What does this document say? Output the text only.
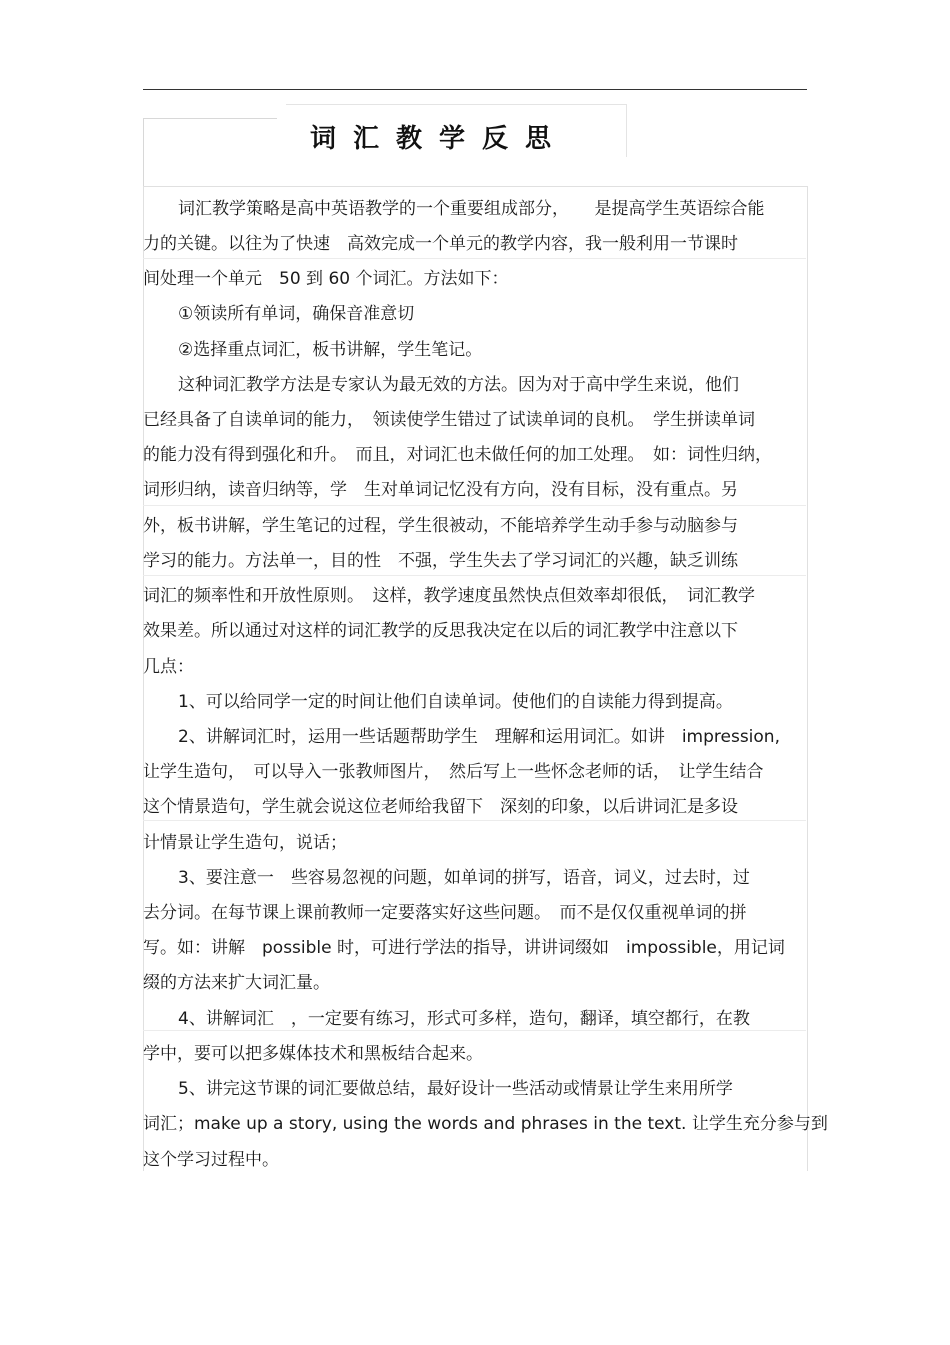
词汇教学反思
词汇教学策略是高中英语教学的一个重要组成部分，　　是提高学生英语综合能
力的关键。以往为了快速　高效完成一个单元的教学内容，我一般利用一节课时
间处理一个单元　50 到 60 个词汇。方法如下：
①领读所有单词，确保音准意切
②选择重点词汇，板书讲解，学生笔记。
这种词汇教学方法是专家认为最无效的方法。因为对于高中学生来说，他们
已经具备了自读单词的能力，　领读使学生错过了试读单词的良机。　学生拼读单词
的能力没有得到强化和升。　而且，对词汇也未做任何的加工处理。　如：词性归纳，
词形归纳，读音归纳等，学　生对单词记忆没有方向，没有目标，没有重点。另
外，板书讲解，学生笔记的过程，学生很被动，不能培养学生动手参与动脑参与
学习的能力。方法单一，目的性　不强，学生失去了学习词汇的兴趣，缺乏训练
词汇的频率性和开放性原则。　这样，教学速度虽然快点但效率却很低，　词汇教学
效果差。所以通过对这样的词汇教学的反思我决定在以后的词汇教学中注意以下
几点：
1、可以给同学一定的时间让他们自读单词。使他们的自读能力得到提高。
2、讲解词汇时，运用一些话题帮助学生　理解和运用词汇。如讲　impression,
让学生造句，　可以导入一张教师图片，　然后写上一些怀念老师的话，　让学生结合
这个情景造句，学生就会说这位老师给我留下　深刻的印象，以后讲词汇是多设
计情景让学生造句，说话；
3、要注意一　些容易忽视的问题，如单词的拼写，语音，词义，过去时，过
去分词。在每节课上课前教师一定要落实好这些问题。　而不是仅仅重视单词的拼
写。如：讲解　possible 时，可进行学法的指导，讲讲词缀如　impossible，用记词
缀的方法来扩大词汇量。
4、讲解词汇　，一定要有练习，形式可多样，造句，翻译，填空都行，在教
学中，要可以把多媒体技术和黑板结合起来。
5、讲完这节课的词汇要做总结，最好设计一些活动或情景让学生来用所学
词汇；make up a story, using the words and phrases in the text. 让学生充分参与到
这个学习过程中。
